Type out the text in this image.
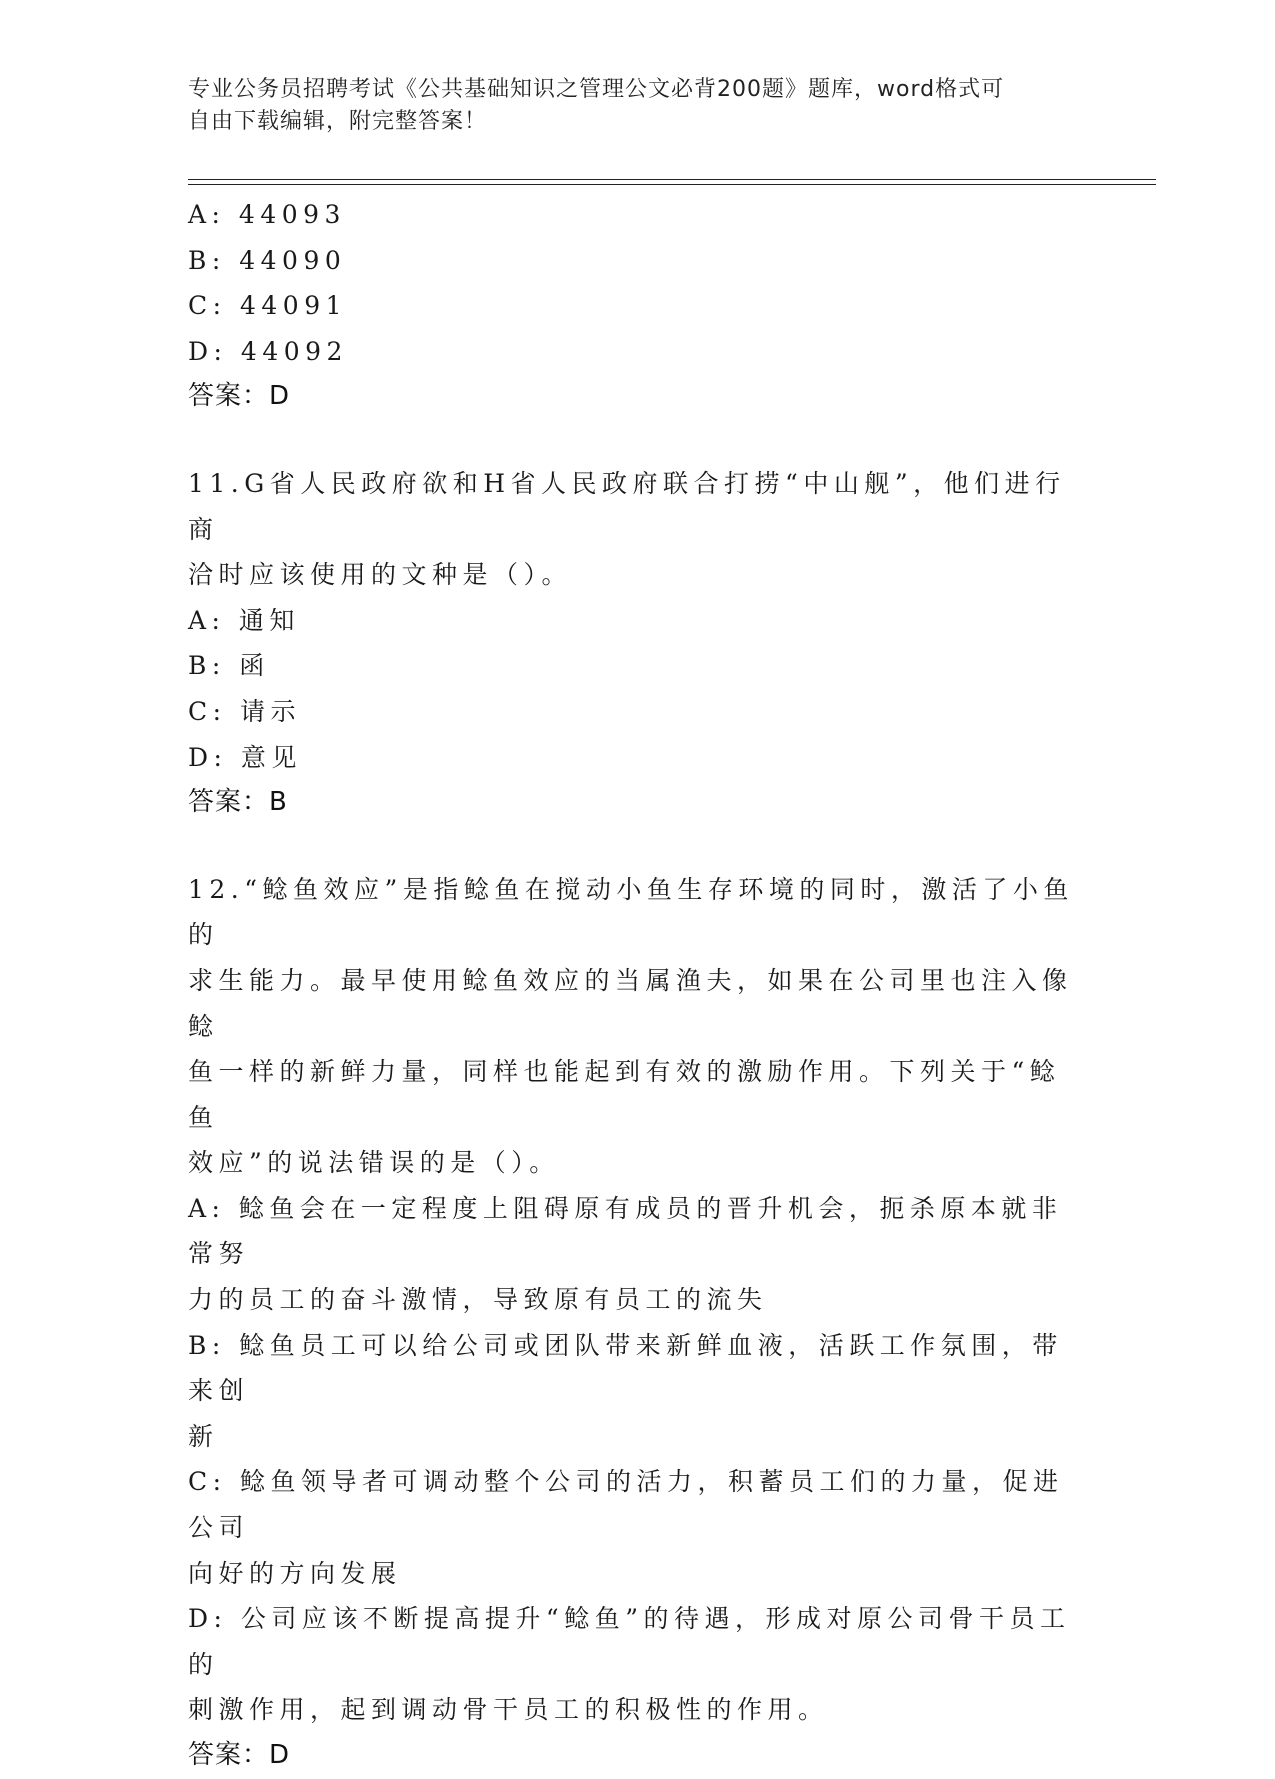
专业公务员招聘考试《公共基础知识之管理公文必背200题》题库，word格式可
自由下载编辑，附完整答案！
A: 44093
B: 44090
C: 44091
D: 44092
答案：D
11.G省人民政府欲和H省人民政府联合打捞“中山舰”，他们进行商
洽时应该使用的文种是（）。
A: 通知
B: 函
C: 请示
D: 意见
答案：B
12.“鲶鱼效应”是指鲶鱼在搅动小鱼生存环境的同时，激活了小鱼的
求生能力。最早使用鲶鱼效应的当属渔夫，如果在公司里也注入像鲶
鱼一样的新鲜力量，同样也能起到有效的激励作用。下列关于“鲶鱼
效应”的说法错误的是（）。
A: 鲶鱼会在一定程度上阻碍原有成员的晋升机会，扼杀原本就非常努
力的员工的奋斗激情，导致原有员工的流失
B: 鲶鱼员工可以给公司或团队带来新鲜血液，活跃工作氛围，带来创
新
C: 鲶鱼领导者可调动整个公司的活力，积蓄员工们的力量，促进公司
向好的方向发展
D: 公司应该不断提高提升“鲶鱼”的待遇，形成对原公司骨干员工的
刺激作用，起到调动骨干员工的积极性的作用。
答案：D
